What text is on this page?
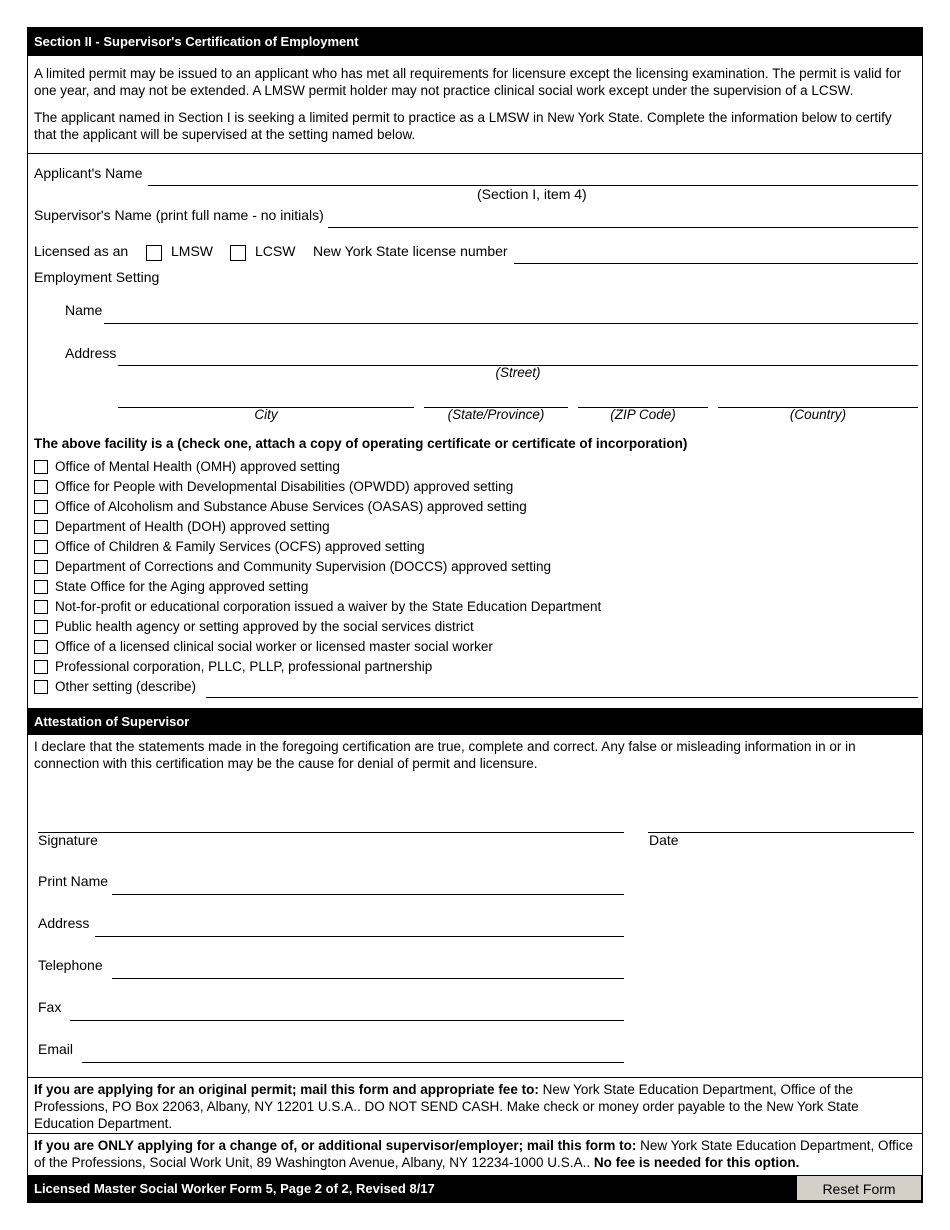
Section II - Supervisor's Certification of Employment
A limited permit may be issued to an applicant who has met all requirements for licensure except the licensing examination. The permit is valid for one year, and may not be extended. A LMSW permit holder may not practice clinical social work except under the supervision of a LCSW.
The applicant named in Section I is seeking a limited permit to practice as a LMSW in New York State. Complete the information below to certify that the applicant will be supervised at the setting named below.
Applicant's Name
(Section I, item 4)
Supervisor's Name (print full name - no initials)
Licensed as an	LMSW	LCSW New York State license number
Employment Setting
Name
Address
(Street)
City	(State/Province)	(ZIP Code)	(Country)
The above facility is a (check one, attach a copy of operating certificate or certificate of incorporation)
Office of Mental Health (OMH) approved setting
Office for People with Developmental Disabilities (OPWDD) approved setting
Office of Alcoholism and Substance Abuse Services (OASAS) approved setting
Department of Health (DOH) approved setting
Office of Children & Family Services (OCFS) approved setting
Department of Corrections and Community Supervision (DOCCS) approved setting
State Office for the Aging approved setting
Not-for-profit or educational corporation issued a waiver by the State Education Department
Public health agency or setting approved by the social services district
Office of a licensed clinical social worker or licensed master social worker
Professional corporation, PLLC, PLLP, professional partnership
Other setting (describe)
Attestation of Supervisor
I declare that the statements made in the foregoing certification are true, complete and correct. Any false or misleading information in or in connection with this certification may be the cause for denial of permit and licensure.
Signature	Date
Print Name
Address
Telephone
Fax
Email
If you are applying for an original permit; mail this form and appropriate fee to: New York State Education Department, Office of the Professions, PO Box 22063, Albany, NY 12201 U.S.A.. DO NOT SEND CASH. Make check or money order payable to the New York State Education Department.
If you are ONLY applying for a change of, or additional supervisor/employer; mail this form to: New York State Education Department, Office of the Professions, Social Work Unit, 89 Washington Avenue, Albany, NY 12234-1000 U.S.A.. No fee is needed for this option.
Licensed Master Social Worker Form 5, Page 2 of 2, Revised 8/17	Reset Form
